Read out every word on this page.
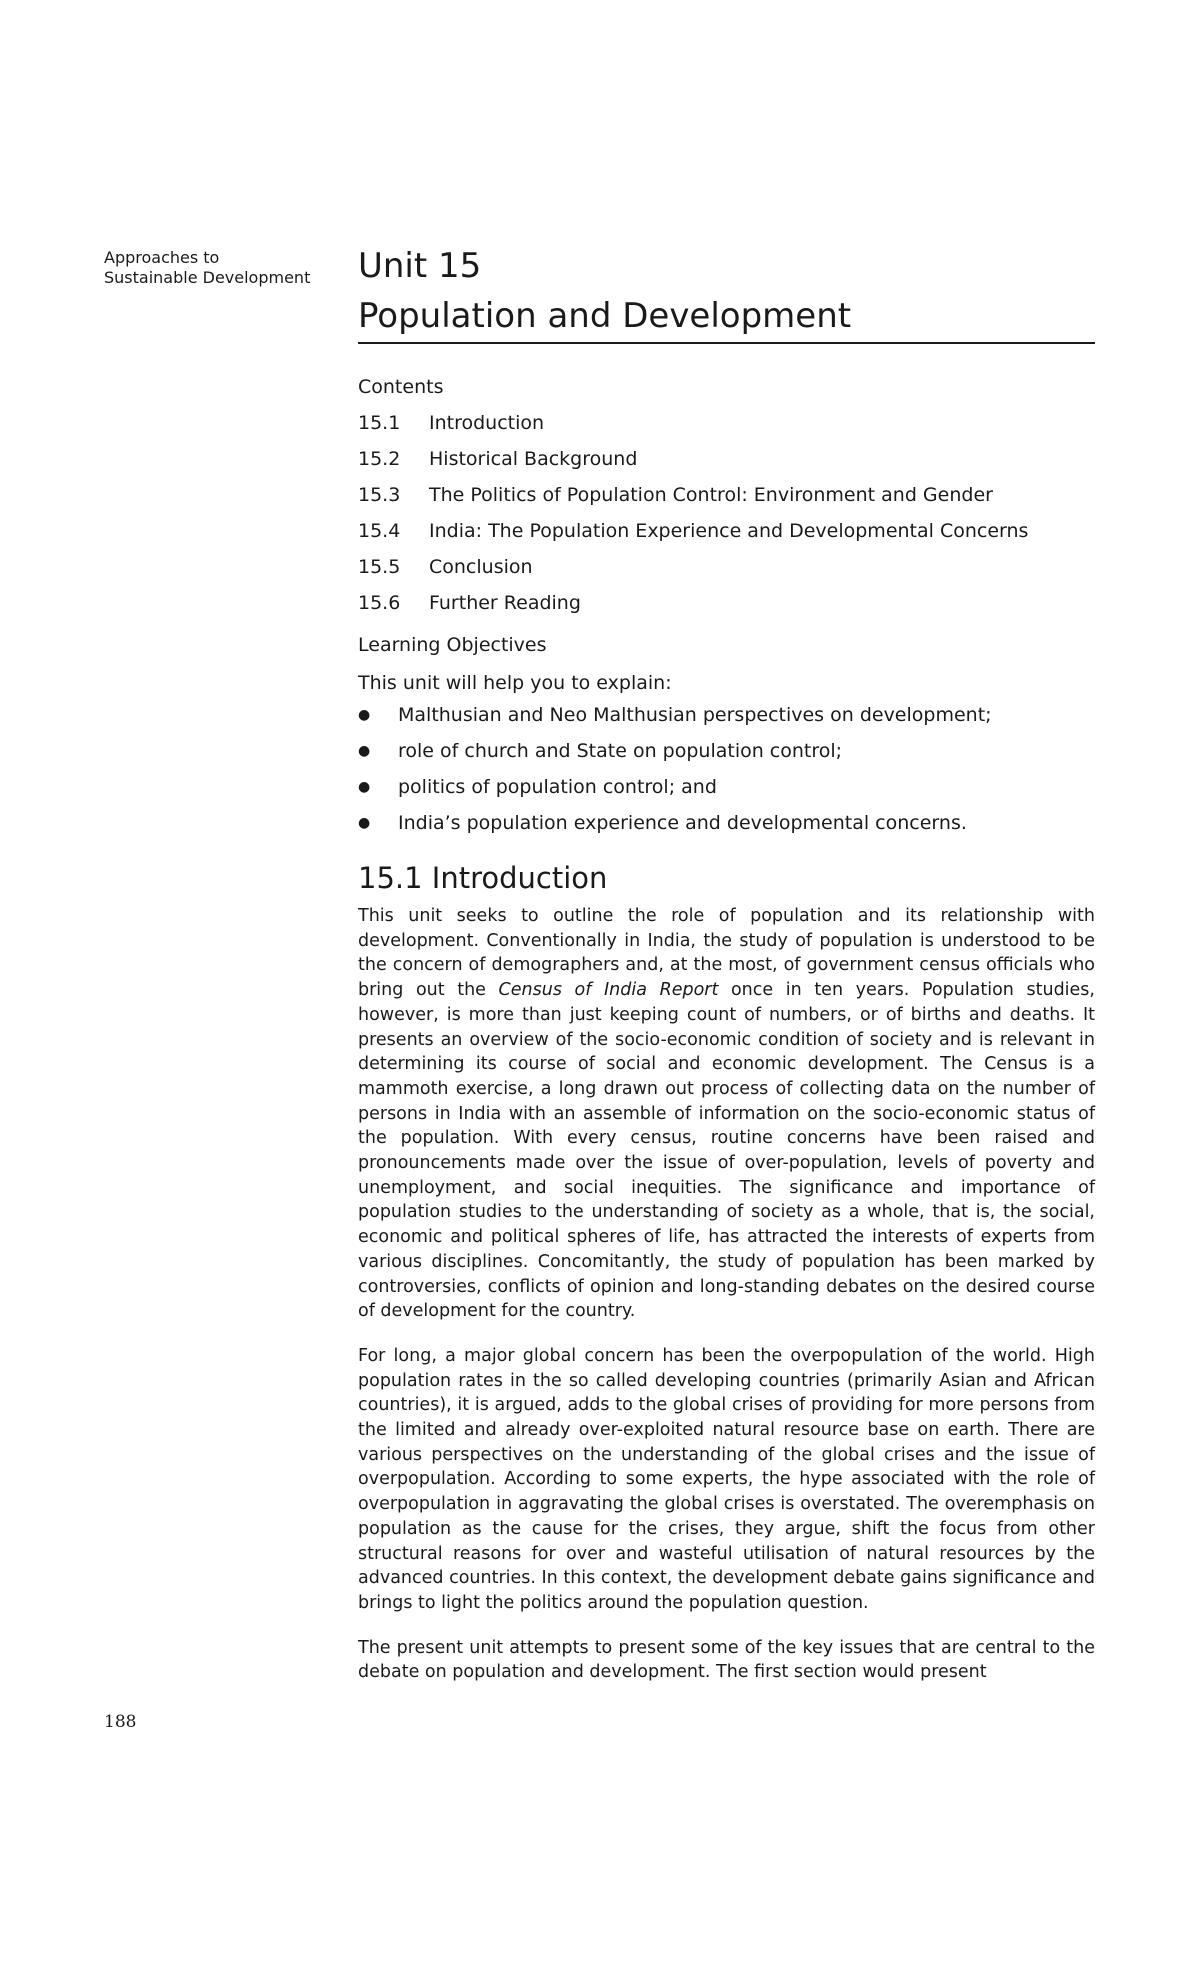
Approaches to
Sustainable Development
188
Unit 15
Population and Development
Contents
15.1	Introduction
15.2	Historical Background
15.3	The Politics of Population Control: Environment and Gender
15.4	India: The Population Experience and Developmental Concerns
15.5	Conclusion
15.6	Further Reading
Learning Objectives

This unit will help you to explain:

●	Malthusian and Neo Malthusian perspectives on development;
●	role of church and State on population control;
●	politics of population control; and
●	India’s population experience and developmental concerns.
15.1 Introduction

This unit seeks to outline the role of population and its relationship with development. Conventionally in India, the study of population is understood to be the concern of demographers and, at the most, of government census officials who bring out the Census of India Report once in ten years. Population studies, however, is more than just keeping count of numbers, or of births and deaths. It presents an overview of the socio-economic condition of society and is relevant in determining its course of social and economic development. The Census is a mammoth exercise, a long drawn out process of collecting data on the number of persons in India with an assemble of information on the socio-economic status of the population. With every census, routine concerns have been raised and pronouncements made over the issue of over-population, levels of poverty and unemployment, and social inequities. The significance and importance of population studies to the understanding of society as a whole, that is, the social, economic and political spheres of life, has attracted the interests of experts from various disciplines. Concomitantly, the study of population has been marked by controversies, conflicts of opinion and long-standing debates on the desired course of development for the country.

For long, a major global concern has been the overpopulation of the world. High population rates in the so called developing countries (primarily Asian and African countries), it is argued, adds to the global crises of providing for more persons from the limited and already over-exploited natural resource base on earth. There are various perspectives on the understanding of the global crises and the issue of overpopulation. According to some experts, the hype associated with the role of overpopulation in aggravating the global crises is overstated. The overemphasis on population as the cause for the crises, they argue, shift the focus from other structural reasons for over and wasteful utilisation of natural resources by the advanced countries. In this context, the development debate gains significance and brings to light the politics around the population question.

The present unit attempts to present some of the key issues that are central to the debate on population and development. The first section would present
